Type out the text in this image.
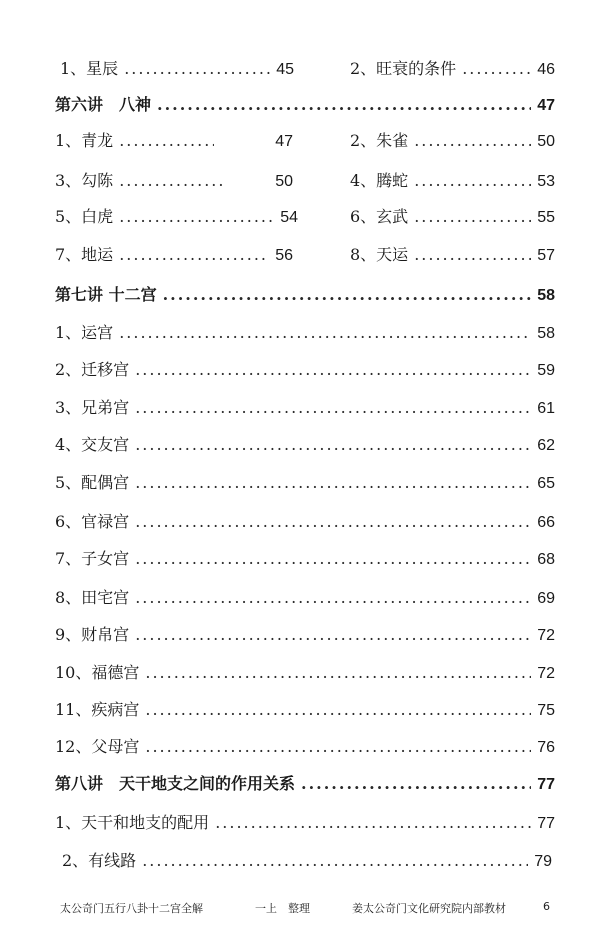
1、星辰 .....	45	2、旺衰的条件 .....	46
第六讲　八神 .....	47
1、青龙 .....	47	2、朱雀 .....	50
3、勾陈 .....	50	4、腾蛇 .....	53
5、白虎 .....	54	6、玄武 .....	55
7、地运 .....	56	8、天运 .....	57
第七讲 十二宫 .....	58
1、运宫 .....	58
2、迁移宫 .....	59
3、兄弟宫 .....	61
4、交友宫 .....	62
5、配偶宫 .....	65
6、官禄宫 .....	66
7、子女宫 .....	68
8、田宅宫 .....	69
9、财帛宫 .....	72
10、福德宫 .....	72
11、疾病宫 .....	75
12、父母宫 .....	76
第八讲　天干地支之间的作用关系 .....	77
1、天干和地支的配用 .....	77
2、有线路 .....	79
太公奇门五行八卦十二宫全解	一上　整理	姜太公奇门文化研究院内部教材	6
